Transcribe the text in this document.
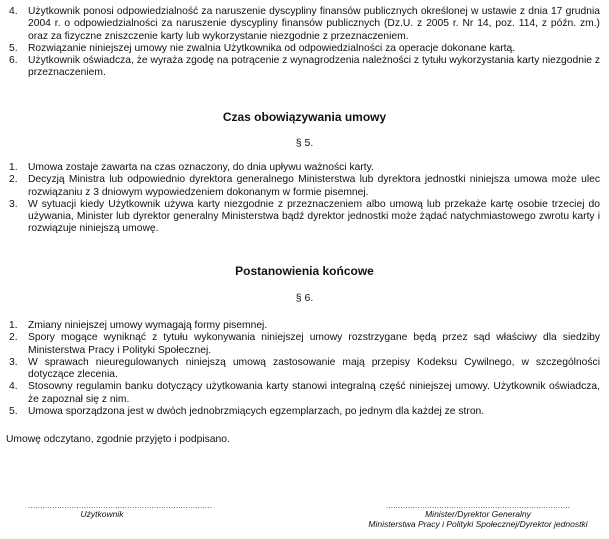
4. Użytkownik ponosi odpowiedzialność za naruszenie dyscypliny finansów publicznych określonej w ustawie z dnia 17 grudnia 2004 r. o odpowiedzialności za naruszenie dyscypliny finansów publicznych (Dz.U. z 2005 r. Nr 14, poz. 114, z późn. zm.) oraz za fizyczne zniszczenie karty lub wykorzystanie niezgodnie z przeznaczeniem.
5. Rozwiązanie niniejszej umowy nie zwalnia Użytkownika od odpowiedzialności za operacje dokonane kartą.
6. Użytkownik oświadcza, że wyraża zgodę na potrącenie z wynagrodzenia należności z tytułu wykorzystania karty niezgodnie z przeznaczeniem.
Czas obowiązywania umowy
§ 5.
1. Umowa zostaje zawarta na czas oznaczony, do dnia upływu ważności karty.
2. Decyzją Ministra lub odpowiednio dyrektora generalnego Ministerstwa lub dyrektora jednostki niniejsza umowa może ulec rozwiązaniu z 3 dniowym wypowiedzeniem dokonanym w formie pisemnej.
3. W sytuacji kiedy Użytkownik używa karty niezgodnie z przeznaczeniem albo umową lub przekaże kartę osobie trzeciej do używania, Minister lub dyrektor generalny Ministerstwa bądź dyrektor jednostki może żądać natychmiastowego zwrotu karty i rozwiązuje niniejszą umowę.
Postanowienia końcowe
§ 6.
1. Zmiany niniejszej umowy wymagają formy pisemnej.
2. Spory mogące wyniknąć z tytułu wykonywania niniejszej umowy rozstrzygane będą przez sąd właściwy dla siedziby Ministerstwa Pracy i Polityki Społecznej.
3. W sprawach nieuregulowanych niniejszą umową zastosowanie mają przepisy Kodeksu Cywilnego, w szczególności dotyczące zlecenia.
4. Stosowny regulamin banku dotyczący użytkowania karty stanowi integralną część niniejszej umowy. Użytkownik oświadcza, że zapoznał się z nim.
5. Umowa sporządzona jest w dwóch jednobrzmiących egzemplarzach, po jednym dla każdej ze stron.
Umowę odczytano, zgodnie przyjęto i podpisano.
............................................................................
Użytkownik
............................................................................
Minister/Dyrektor Generalny
Ministerstwa Pracy i Polityki Społecznej/Dyrektor jednostki
